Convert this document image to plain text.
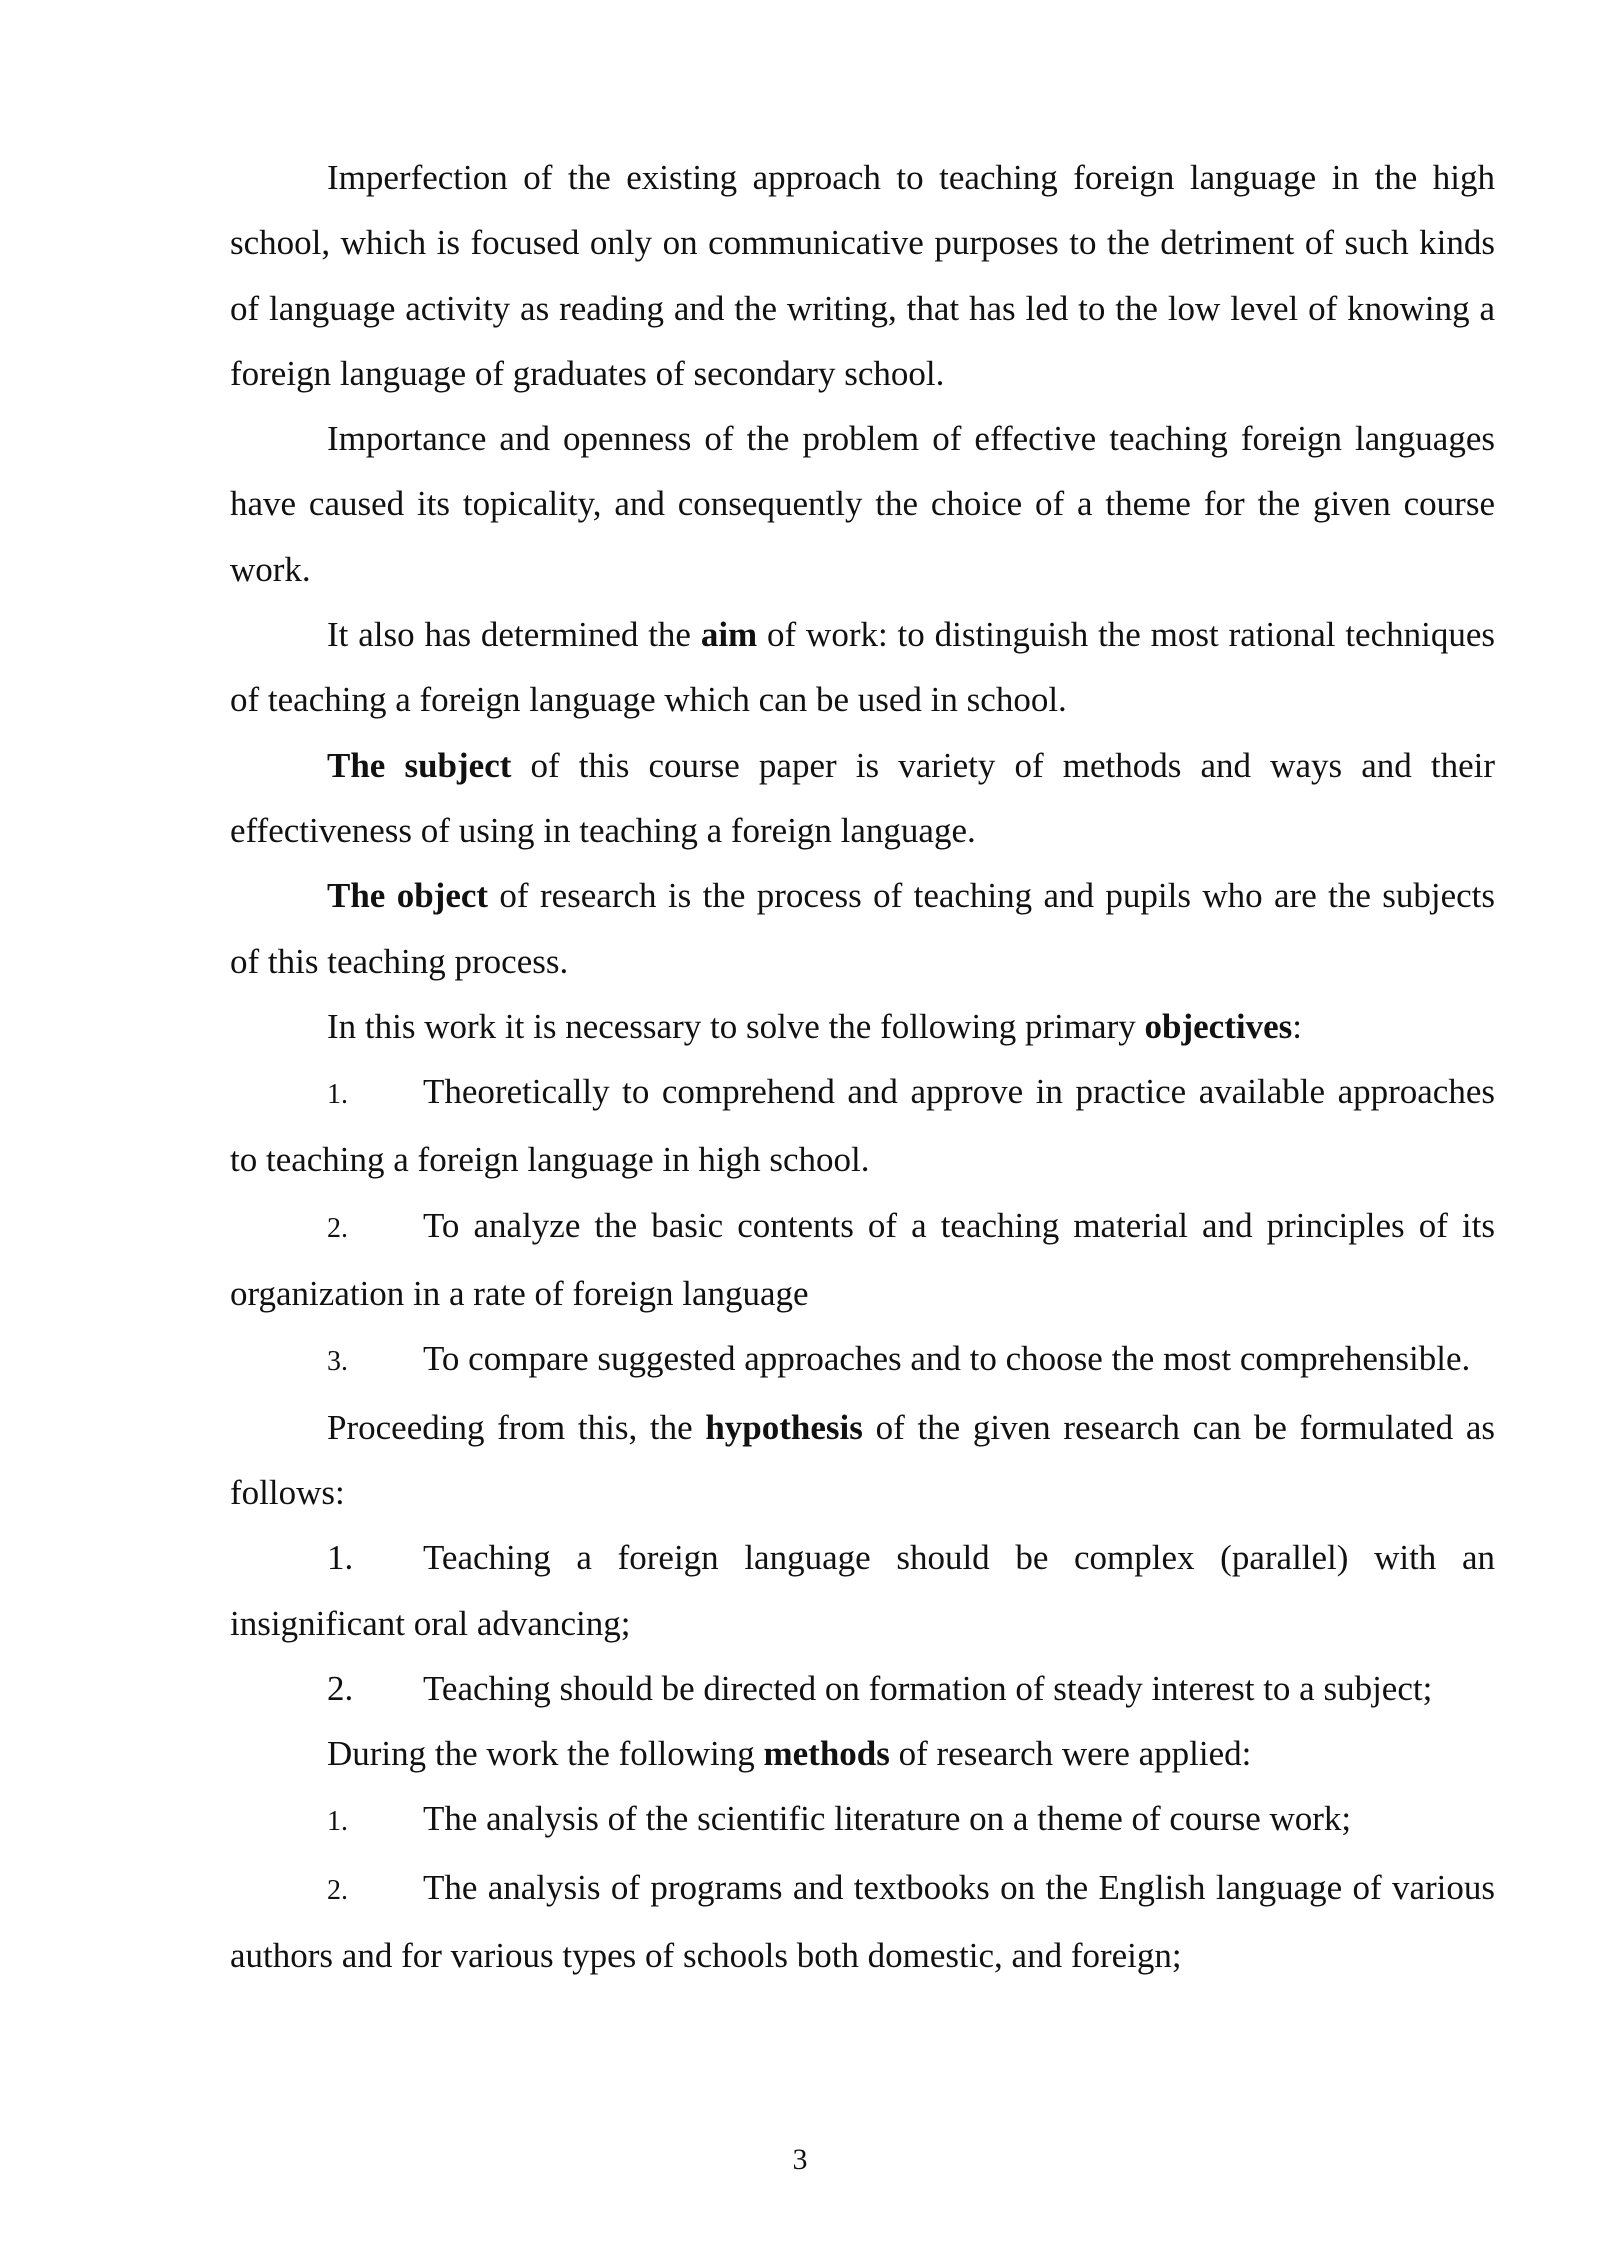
Imperfection of the existing approach to teaching foreign language in the high school, which is focused only on communicative purposes to the detriment of such kinds of language activity as reading and the writing, that has led to the low level of knowing a foreign language of graduates of secondary school.

Importance and openness of the problem of effective teaching foreign languages have caused its topicality, and consequently the choice of a theme for the given course work.

It also has determined the aim of work: to distinguish the most rational techniques of teaching a foreign language which can be used in school.

The subject of this course paper is variety of methods and ways and their effectiveness of using in teaching a foreign language.

The object of research is the process of teaching and pupils who are the subjects of this teaching process.

In this work it is necessary to solve the following primary objectives:

1. Theoretically to comprehend and approve in practice available approaches to teaching a foreign language in high school.

2. To analyze the basic contents of a teaching material and principles of its organization in a rate of foreign language

3. To compare suggested approaches and to choose the most comprehensible.

Proceeding from this, the hypothesis of the given research can be formulated as follows:

1. Teaching a foreign language should be complex (parallel) with an insignificant oral advancing;

2. Teaching should be directed on formation of steady interest to a subject;

During the work the following methods of research were applied:

1. The analysis of the scientific literature on a theme of course work;

2. The analysis of programs and textbooks on the English language of various authors and for various types of schools both domestic, and foreign;

3
